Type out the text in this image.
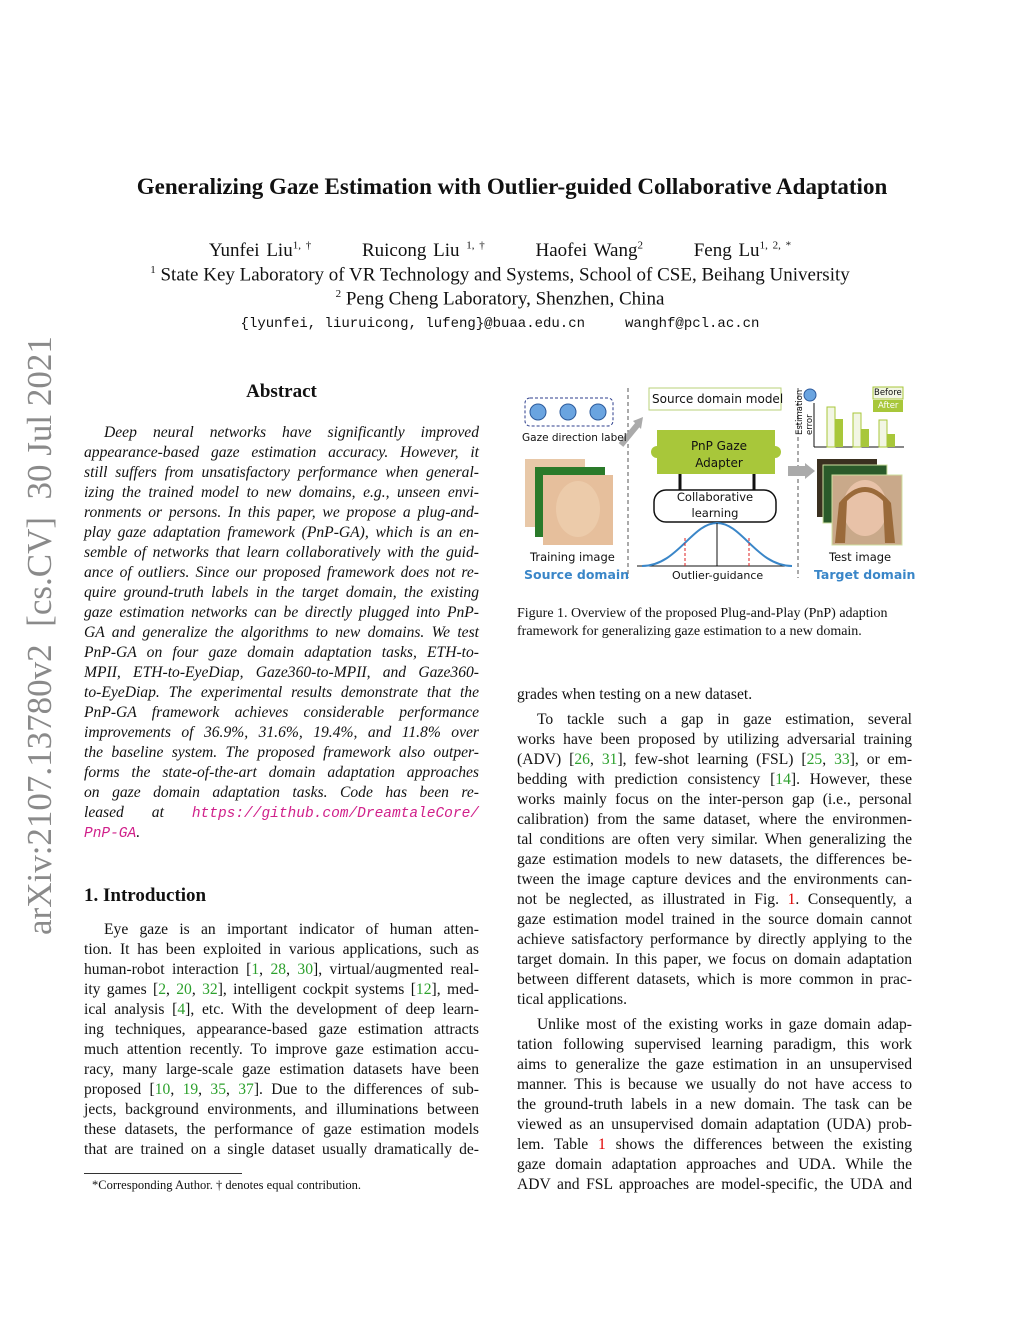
Generalizing Gaze Estimation with Outlier-guided Collaborative Adaptation
Yunfei Liu$^{1, \dagger}$	Ruicong Liu $^{1, \dagger}$	Haofei Wang$^2$	Feng $Lu^{1, 2, *}$
$^1$ State Key Laboratory of VR Technology and Systems, School of CSE, Beihang University
$^2$ Peng Cheng Laboratory, Shenzhen, China
{lyunfei, liuruicong, lufeng}@buaa.edu.cn	wanghf@pcl.ac.cn
arXiv:2107.13780v2  [cs.CV]  30 Jul 2021	Abstract
Deep neural networks have significantly improved
appearance-based gaze estimation accuracy. However, it
still suffers from unsatisfactory performance when general-
izing the trained model to new domains, e.g., unseen envi-
ronments or persons. In this paper, we propose a plug-and-
play gaze adaptation framework (PnP-GA), which is an en-
semble of networks that learn collaboratively with the guid-
ance of outliers. Since our proposed framework does not re-
quire ground-truth labels in the target domain, the existing
gaze estimation networks can be directly plugged into PnP-
GA and generalize the algorithms to new domains. We test
PnP-GA on four gaze domain adaptation tasks, ETH-to-
MPII, ETH-to-EyeDiap, Gaze360-to-MPII, and Gaze360-
to-EyeDiap. The experimental results demonstrate that the
PnP-GA framework achieves considerable performance
improvements of 36.9%, 31.6%, 19.4%, and 11.8% over
the baseline system. The proposed framework also outper-
forms the state-of-the-art domain adaptation approaches
on gaze domain adaptation tasks. Code has been re-
leased at https://github.com/DreamtaleCore/
PnP-GA.
1. Introduction
Eye gaze is an important indicator of human atten-
tion. It has been exploited in various applications, such as
human-robot interaction [1, 28, 30], virtual/augmented real-
ity games [2, 20, 32], intelligent cockpit systems [12], med-
ical analysis [4], etc. With the development of deep learn-
ing techniques, appearance-based gaze estimation attracts
much attention recently. To improve gaze estimation accu-
racy, many large-scale gaze estimation datasets have been
proposed [10, 19, 35, 37]. Due to the differences of sub-
jects, background environments, and illuminations between
these datasets, the performance of gaze estimation models
that are trained on a single dataset usually dramatically de-
grades when testing on a new dataset.
To tackle such a gap in gaze estimation, several
works have been proposed by utilizing adversarial training
(ADV) [26, 31], few-shot learning (FSL) [25, 33], or em-
bedding with prediction consistency [14]. However, these
works mainly focus on the inter-person gap (i.e., personal
calibration) from the same dataset, where the environmen-
tal conditions are often very similar. When generalizing the
gaze estimation models to new datasets, the differences be-
tween the image capture devices and the environments can-
not be neglected, as illustrated in Fig. 1. Consequently, a
gaze estimation model trained in the source domain cannot
achieve satisfactory performance by directly applying to the
target domain. In this paper, we focus on domain adaptation
between different datasets, which is more common in prac-
tical applications.
Unlike most of the existing works in gaze domain adap-
tation following supervised learning paradigm, this work
aims to generalize the gaze estimation in an unsupervised
manner. This is because we usually do not have access to
the ground-truth labels in a new domain. The task can be
viewed as an unsupervised domain adaptation (UDA) prob-
lem. Table 1 shows the differences between the existing
gaze domain adaptation approaches and UDA. While the
ADV and FSL approaches are model-specific, the UDA and
Gaze direction label
Training image
Source domain
Source domain model
PnP Gaze Adapter
Collaborative learning
Outlier-guidance
Estimation error
Before
After
Test image
Target domain
Figure 1. Overview of the proposed Plug-and-Play (PnP) adaption framework for generalizing gaze estimation to a new domain.
*Corresponding Author. † denotes equal contribution.
